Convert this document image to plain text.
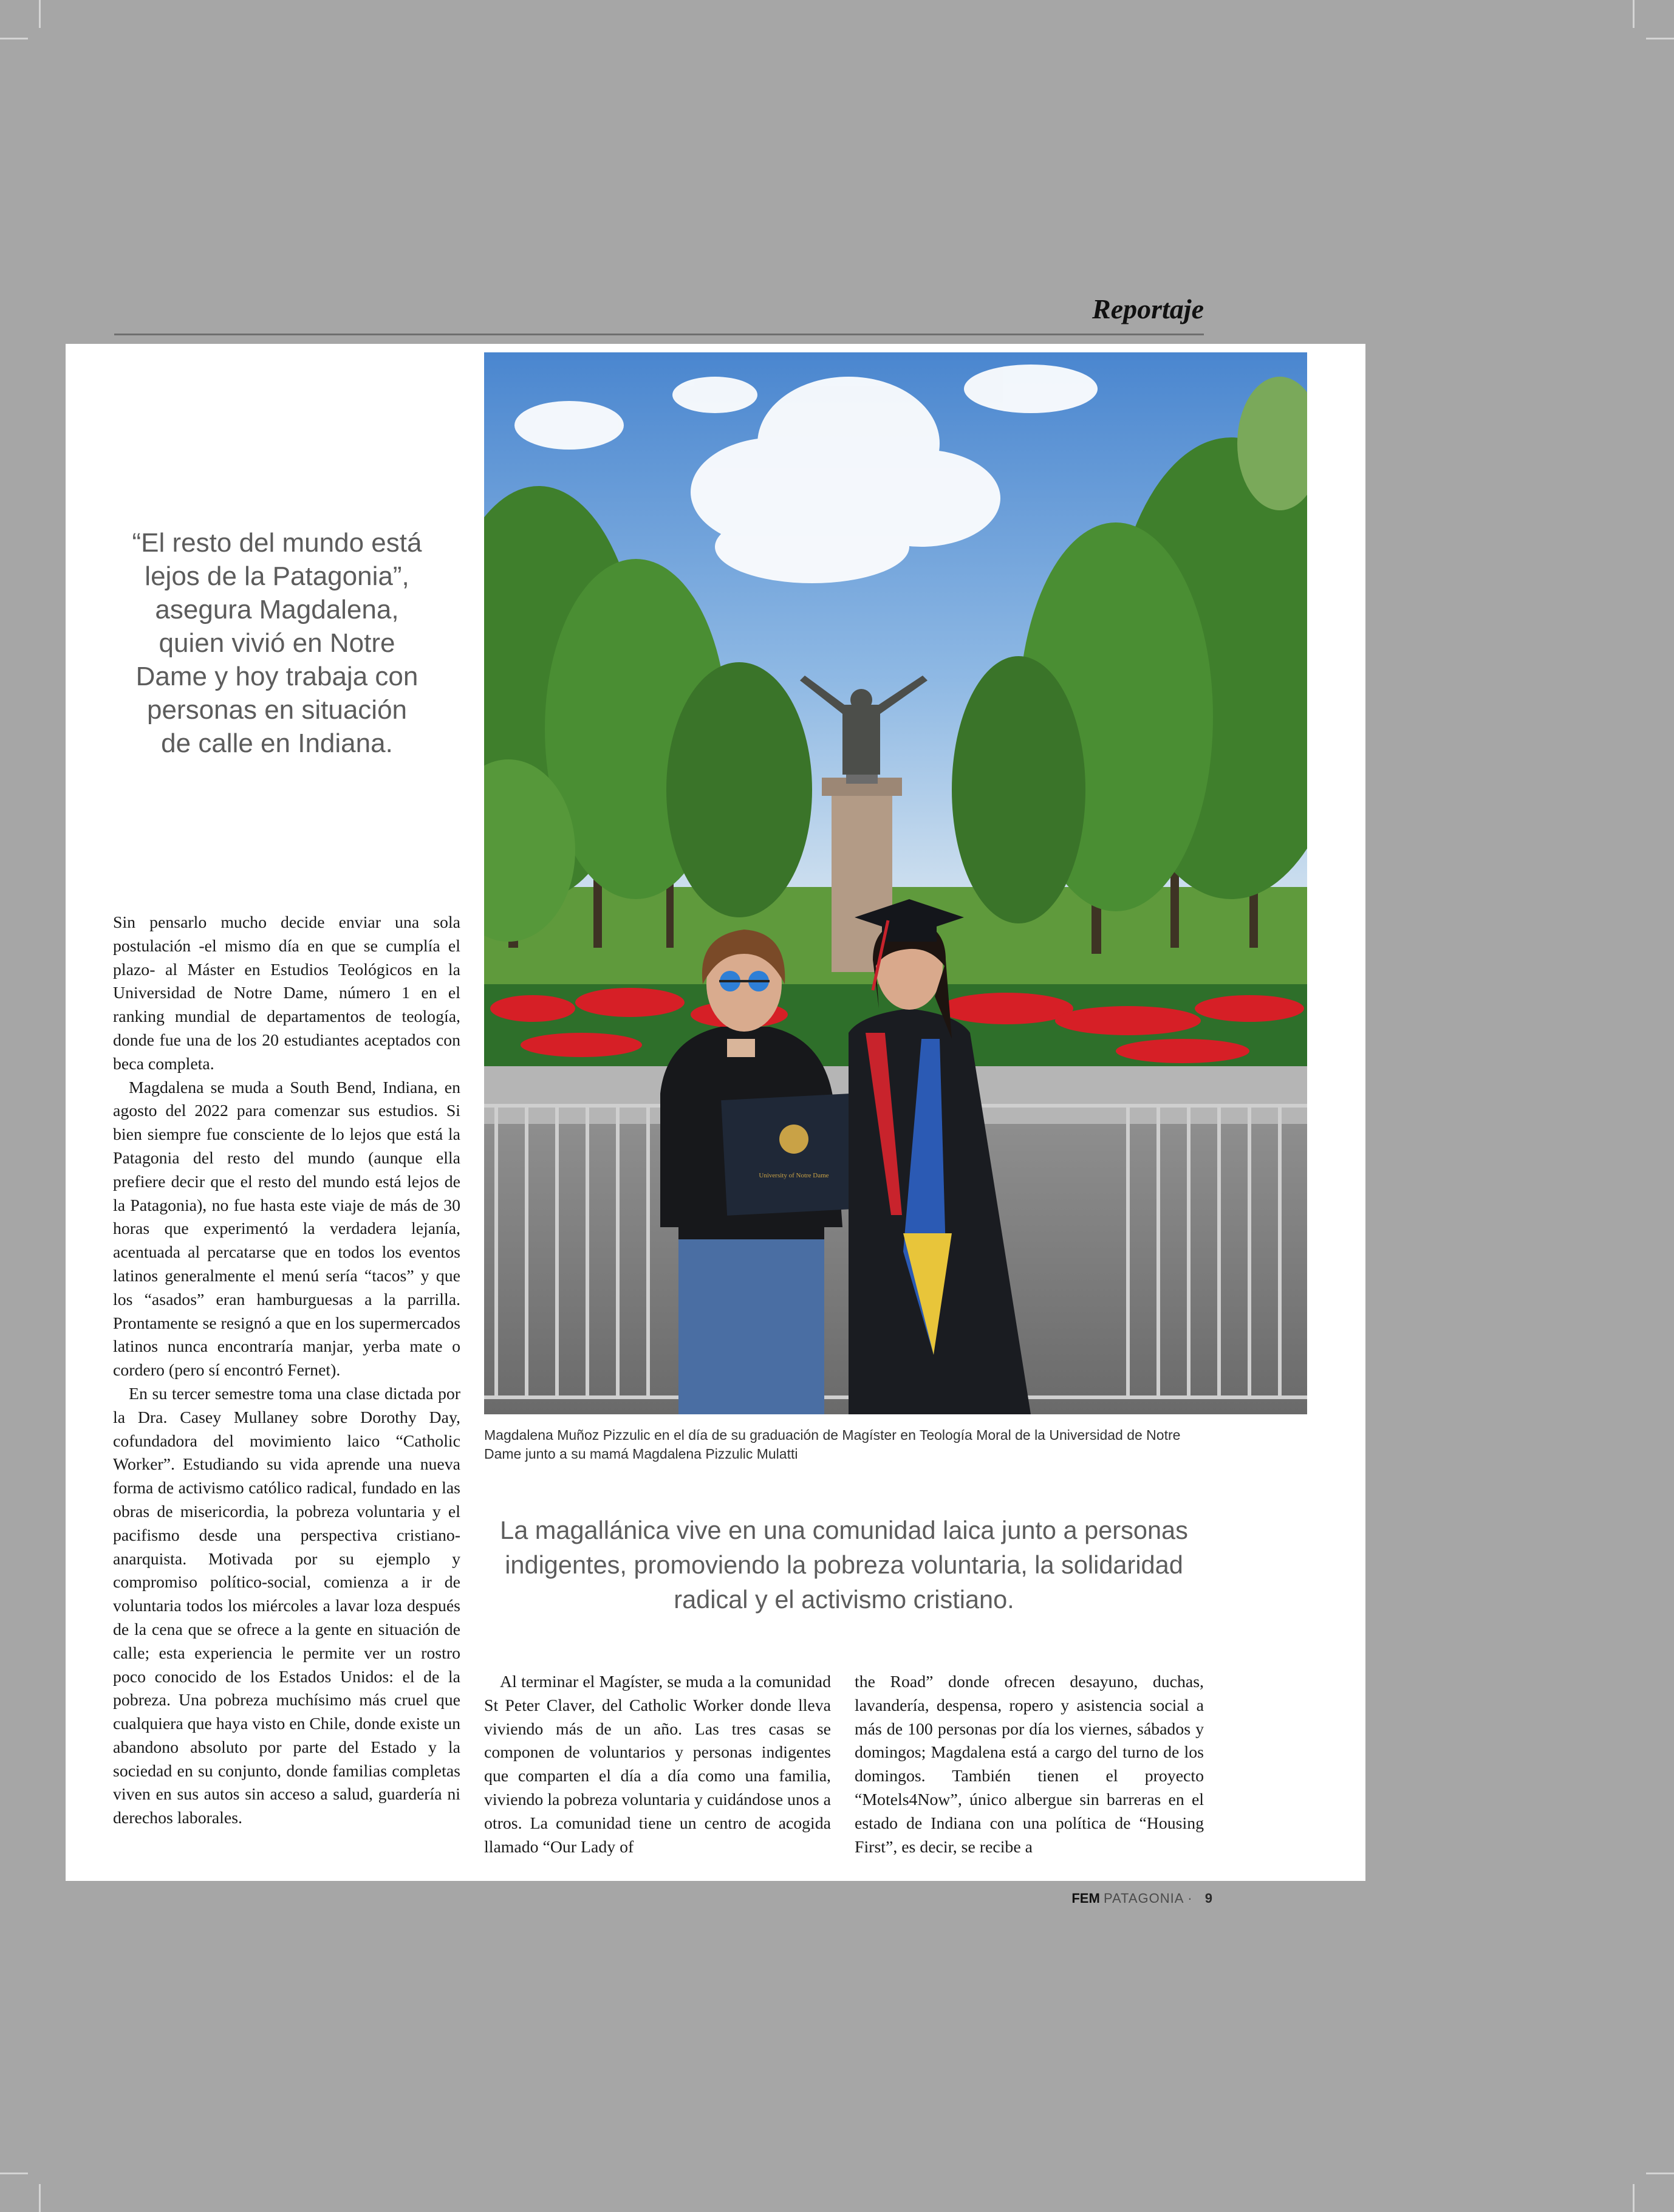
Reportaje
“El resto del mundo está lejos de la Patagonia”, asegura Magdalena, quien vivió en Notre Dame y hoy trabaja con personas en situación de calle en Indiana.

Sin pensarlo mucho decide enviar una sola postulación -el mismo día en que se cumplía el plazo- al Máster en Estudios Teológicos en la Universidad de Notre Dame, número 1 en el ranking mundial de departamentos de teología, donde fue una de los 20 estudiantes aceptados con beca completa.

Magdalena se muda a South Bend, Indiana, en agosto del 2022 para comenzar sus estudios. Si bien siempre fue consciente de lo lejos que está la Patagonia del resto del mundo (aunque ella prefiere decir que el resto del mundo está lejos de la Patagonia), no fue hasta este viaje de más de 30 horas que experimentó la verdadera lejanía, acentuada al percatarse que en todos los eventos latinos generalmente el menú sería “tacos” y que los “asados” eran hamburguesas a la parrilla. Prontamente se resignó a que en los supermercados latinos nunca encontraría manjar, yerba mate o cordero (pero sí encontró Fernet).

En su tercer semestre toma una clase dictada por la Dra. Casey Mullaney sobre Dorothy Day, cofundadora del movimiento laico “Catholic Worker”. Estudiando su vida aprende una nueva forma de activismo católico radical, fundado en las obras de misericordia, la pobreza voluntaria y el pacifismo desde una perspectiva cristiano-anarquista. Motivada por su ejemplo y compromiso político-social, comienza a ir de voluntaria todos los miércoles a lavar loza después de la cena que se ofrece a la gente en situación de calle; esta experiencia le permite ver un rostro poco conocido de los Estados Unidos: el de la pobreza. Una pobreza muchísimo más cruel que cualquiera que haya visto en Chile, donde existe un abandono absoluto por parte del Estado y la sociedad en su conjunto, donde familias completas viven en sus autos sin acceso a salud, guardería ni derechos laborales.

University of Notre Dame
Magdalena Muñoz Pizzulic en el día de su graduación de Magíster en Teología Moral de la Universidad de Notre Dame junto a su mamá Magdalena Pizzulic Mulatti
La magallánica vive en una comunidad laica junto a personas indigentes, promoviendo la pobreza voluntaria, la solidaridad radical y el activismo cristiano.

Al terminar el Magíster, se muda a la comunidad St Peter Claver, del Catholic Worker donde lleva viviendo más de un año. Las tres casas se componen de voluntarios y personas indigentes que comparten el día a día como una familia, viviendo la pobreza voluntaria y cuidándose unos a otros. La comunidad tiene un centro de acogida llamado “Our Lady of

the Road” donde ofrecen desayuno, duchas, lavandería, despensa, ropero y asistencia social a más de 100 personas por día los viernes, sábados y domingos; Magdalena está a cargo del turno de los domingos. También tienen el proyecto “Motels4Now”, único albergue sin barreras en el estado de Indiana con una política de “Housing First”, es decir, se recibe a

FEM PATAGONIA · 9
